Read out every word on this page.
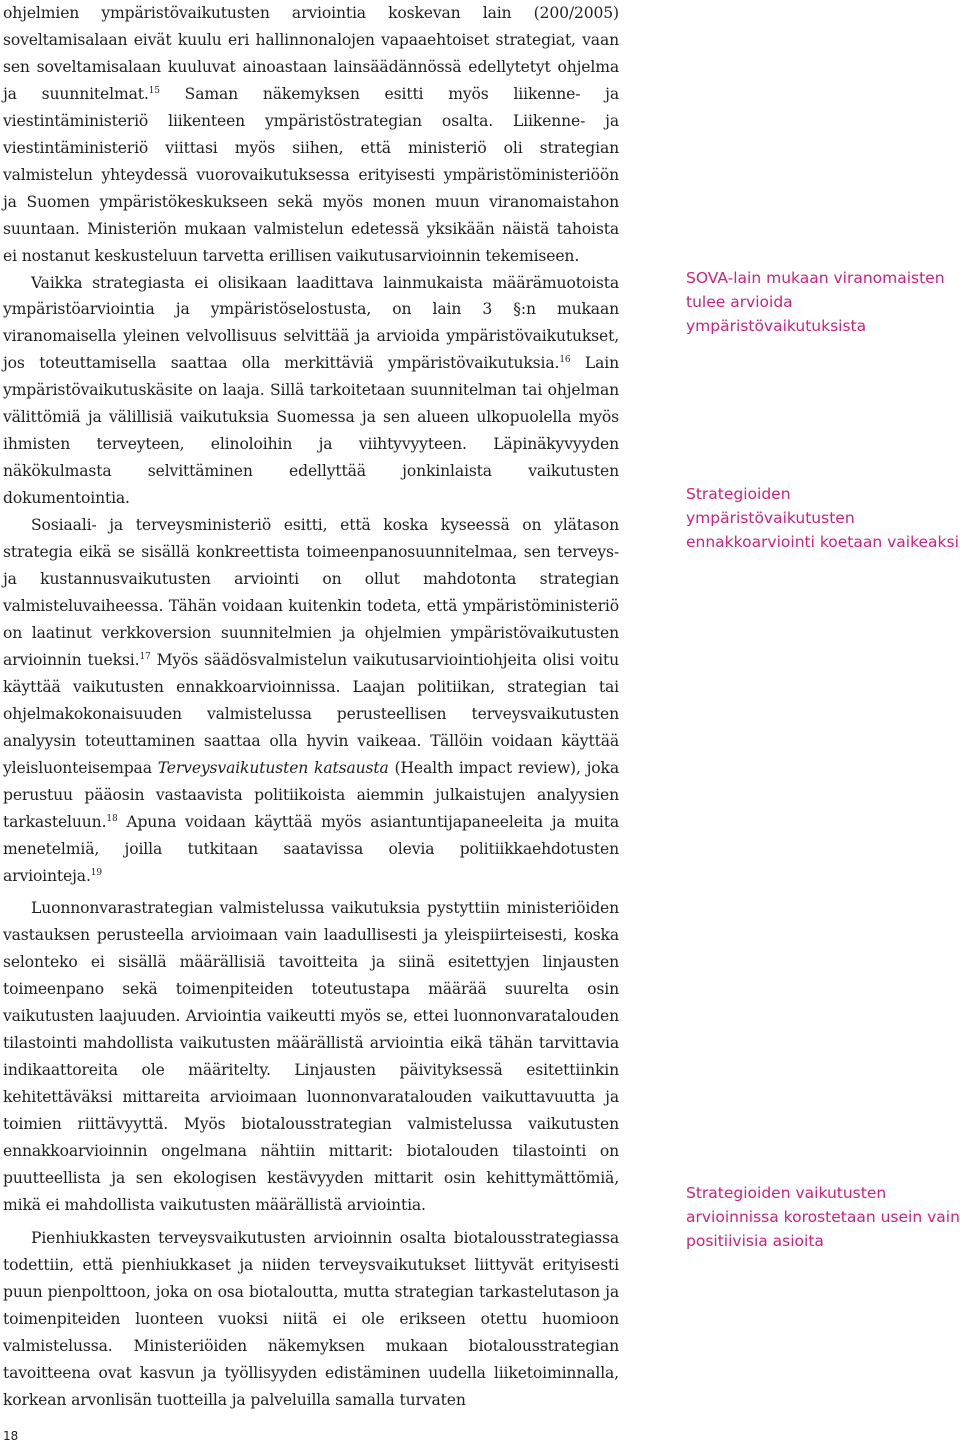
ohjelmien ympäristövaikutusten arviointia koskevan lain (200/2005) soveltamisalaan eivät kuulu eri hallinnonalojen vapaaehtoiset strategiat, vaan sen soveltamisalaan kuuluvat ainoastaan lainsäädännössä edellytetyt ohjelma ja suunnitelmat.$^{15}$ Saman näkemyksen esitti myös liikenne- ja viestintäministeriö liikenteen ympäristöstrategian osalta. Liikenne- ja viestintäministeriö viittasi myös siihen, että ministeriö oli strategian valmistelun yhteydessä vuorovaikutuksessa erityisesti ympäristöministeriöön ja Suomen ympäristökeskukseen sekä myös monen muun viranomaistahon suuntaan. Ministeriön mukaan valmistelun edetessä yksikään näistä tahoista ei nostanut keskusteluun tarvetta erillisen vaikutusarvioinnin tekemiseen.

Vaikka strategiasta ei olisikaan laadittava lainmukaista määrämuotoista ympäristöarviointia ja ympäristöselostusta, on lain 3 §:n mukaan viranomaisella yleinen velvollisuus selvittää ja arvioida ympäristövaikutukset, jos toteuttamisella saattaa olla merkittäviä ympäristövaikutuksia.$^{16}$ Lain ympäristövaikutuskäsite on laaja. Sillä tarkoitetaan suunnitelman tai ohjelman välittömiä ja välillisiä vaikutuksia Suomessa ja sen alueen ulkopuolella myös ihmisten terveyteen, elinoloihin ja viihtyvyyteen. Läpinäkyvyyden näkökulmasta selvittäminen edellyttää jonkinlaista vaikutusten dokumentointia.

Sosiaali- ja terveysministeriö esitti, että koska kyseessä on ylätason strategia eikä se sisällä konkreettista toimeenpanosuunnitelmaa, sen terveys- ja kustannusvaikutusten arviointi on ollut mahdotonta strategian valmisteluvaiheessa. Tähän voidaan kuitenkin todeta, että ympäristöministeriö on laatinut verkkoversion suunnitelmien ja ohjelmien ympäristövaikutusten arvioinnin tueksi.$^{17}$ Myös säädösvalmistelun vaikutusarviointiohjeita olisi voitu käyttää vaikutusten ennakkoarvioinnissa. Laajan politiikan, strategian tai ohjelmakokonaisuuden valmistelussa perusteellisen terveysvaikutusten analyysin toteuttaminen saattaa olla hyvin vaikeaa. Tällöin voidaan käyttää yleisluonteisempaa Terveysvaikutusten katsausta (Health impact review), joka perustuu pääosin vastaavista politiikoista aiemmin julkaistujen analyysien tarkasteluun.$^{18}$ Apuna voidaan käyttää myös asiantuntijapaneeleita ja muita menetelmiä, joilla tutkitaan saatavissa olevia politiikkaehdotusten arviointeja.$^{19}$

Luonnonvarastrategian valmistelussa vaikutuksia pystyttiin ministeriöiden vastauksen perusteella arvioimaan vain laadullisesti ja yleispiirteisesti, koska selonteko ei sisällä määrällisiä tavoitteita ja siinä esitettyjen linjausten toimeenpano sekä toimenpiteiden toteutustapa määrää suurelta osin vaikutusten laajuuden. Arviointia vaikeutti myös se, ettei luonnonvaratalouden tilastointi mahdollista vaikutusten määrällistä arviointia eikä tähän tarvittavia indikaattoreita ole määritelty. Linjausten päivityksessä esitettiinkin kehitettäväksi mittareita arvioimaan luonnonvaratalouden vaikuttavuutta ja toimien riittävyyttä. Myös biotalousstrategian valmistelussa vaikutusten ennakkoarvioinnin ongelmana nähtiin mittarit: biotalouden tilastointi on puutteellista ja sen ekologisen kestävyyden mittarit osin kehittymättömiä, mikä ei mahdollista vaikutusten määrällistä arviointia.

Pienhiukkasten terveysvaikutusten arvioinnin osalta biotalousstrategiassa todettiin, että pienhiukkaset ja niiden terveysvaikutukset liittyvät erityisesti puun pienpolttoon, joka on osa biotaloutta, mutta strategian tarkastelutason ja toimenpiteiden luonteen vuoksi niitä ei ole erikseen otettu huomioon valmistelussa. Ministeriöiden näkemyksen mukaan biotalousstrategian tavoitteena ovat kasvun ja työllisyyden edistäminen uudella liiketoiminnalla, korkean arvonlisän tuotteilla ja palveluilla samalla turvaten

SOVA-lain mukaan viranomaisten tulee arvioida ympäristövaikutuksista
Strategioiden ympäristövaikutusten ennakkoarviointi koetaan vaikeaksi
Strategioiden vaikutusten arvioinnissa korostetaan usein vain positiivisia asioita
18
